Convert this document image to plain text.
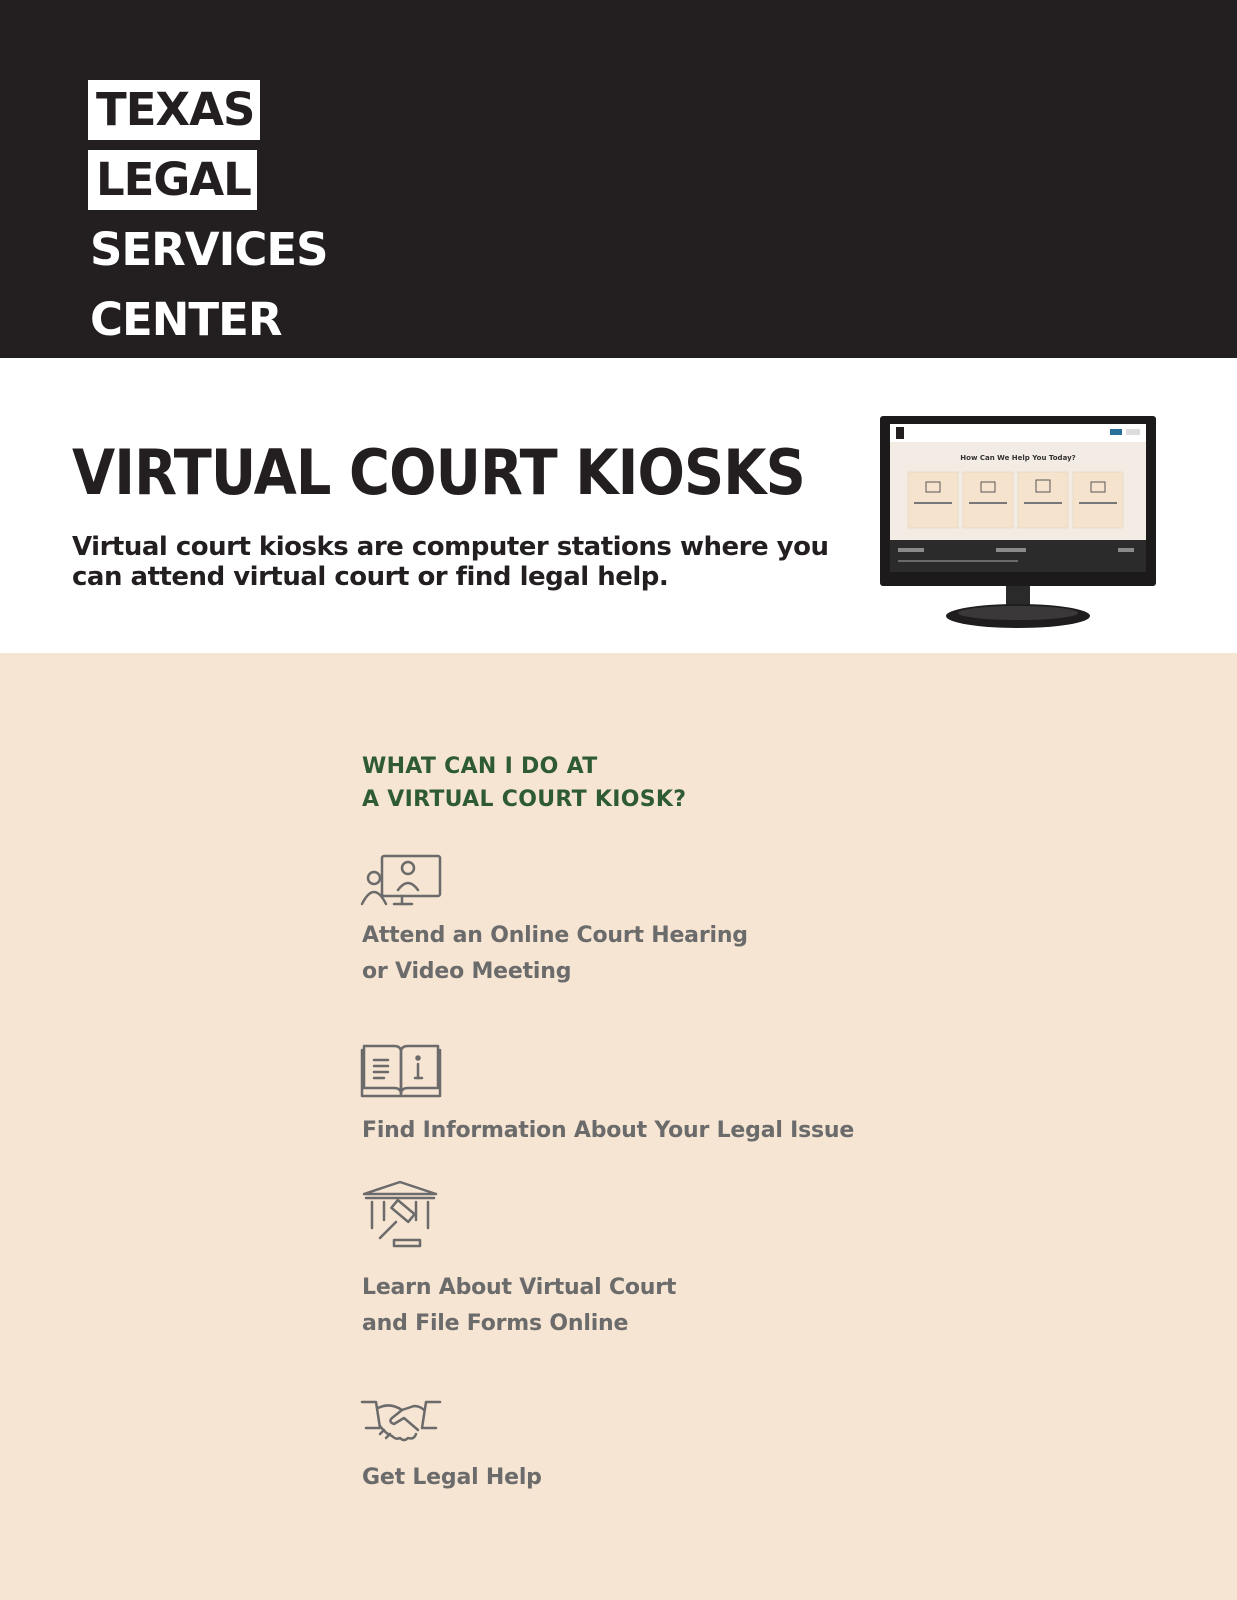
TEXAS
LEGAL
SERVICES
CENTER
VIRTUAL COURT KIOSKS

Virtual court kiosks are computer stations where you can attend virtual court or find legal help.

How Can We Help You Today?
WHAT CAN I DO AT
A VIRTUAL COURT KIOSK?

Attend an Online Court Hearing
or Video Meeting

Find Information About Your Legal Issue

Learn About Virtual Court
and File Forms Online

Get Legal Help
